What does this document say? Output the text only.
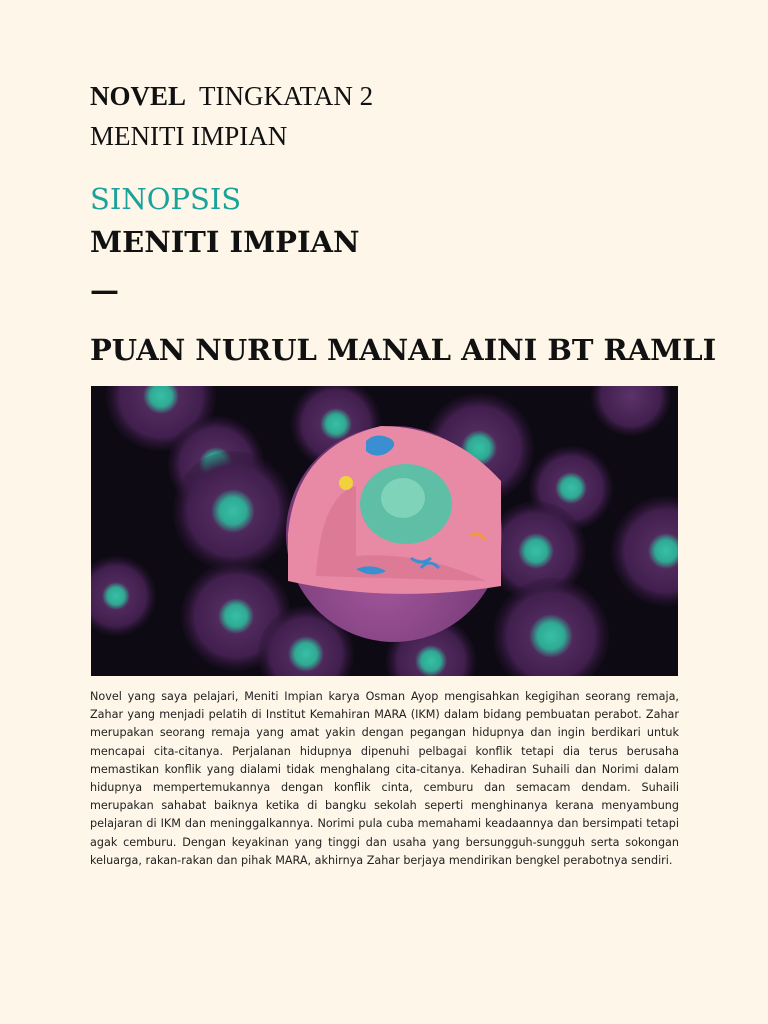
NOVEL TINGKATAN 2
MENITI IMPIAN
SINOPSIS
MENITI IMPIAN
—
PUAN NURUL MANAL AINI BT RAMLI
Novel yang saya pelajari, Meniti Impian karya Osman Ayop mengisahkan kegigihan seorang remaja, Zahar yang menjadi pelatih di Institut Kemahiran MARA (IKM) dalam bidang pembuatan perabot. Zahar merupakan seorang remaja yang amat yakin dengan pegangan hidupnya dan ingin berdikari untuk mencapai cita-citanya. Perjalanan hidupnya dipenuhi pelbagai konflik tetapi dia terus berusaha memastikan konflik yang dialami tidak menghalang cita-citanya. Kehadiran Suhaili dan Norimi dalam hidupnya mempertemukannya dengan konflik cinta, cemburu dan semacam dendam. Suhaili merupakan sahabat baiknya ketika di bangku sekolah seperti menghinanya kerana menyambung pelajaran di IKM dan meninggalkannya. Norimi pula cuba memahami keadaannya dan bersimpati tetapi agak cemburu. Dengan keyakinan yang tinggi dan usaha yang bersungguh-sungguh serta sokongan keluarga, rakan-rakan dan pihak MARA, akhirnya Zahar berjaya mendirikan bengkel perabotnya sendiri.
